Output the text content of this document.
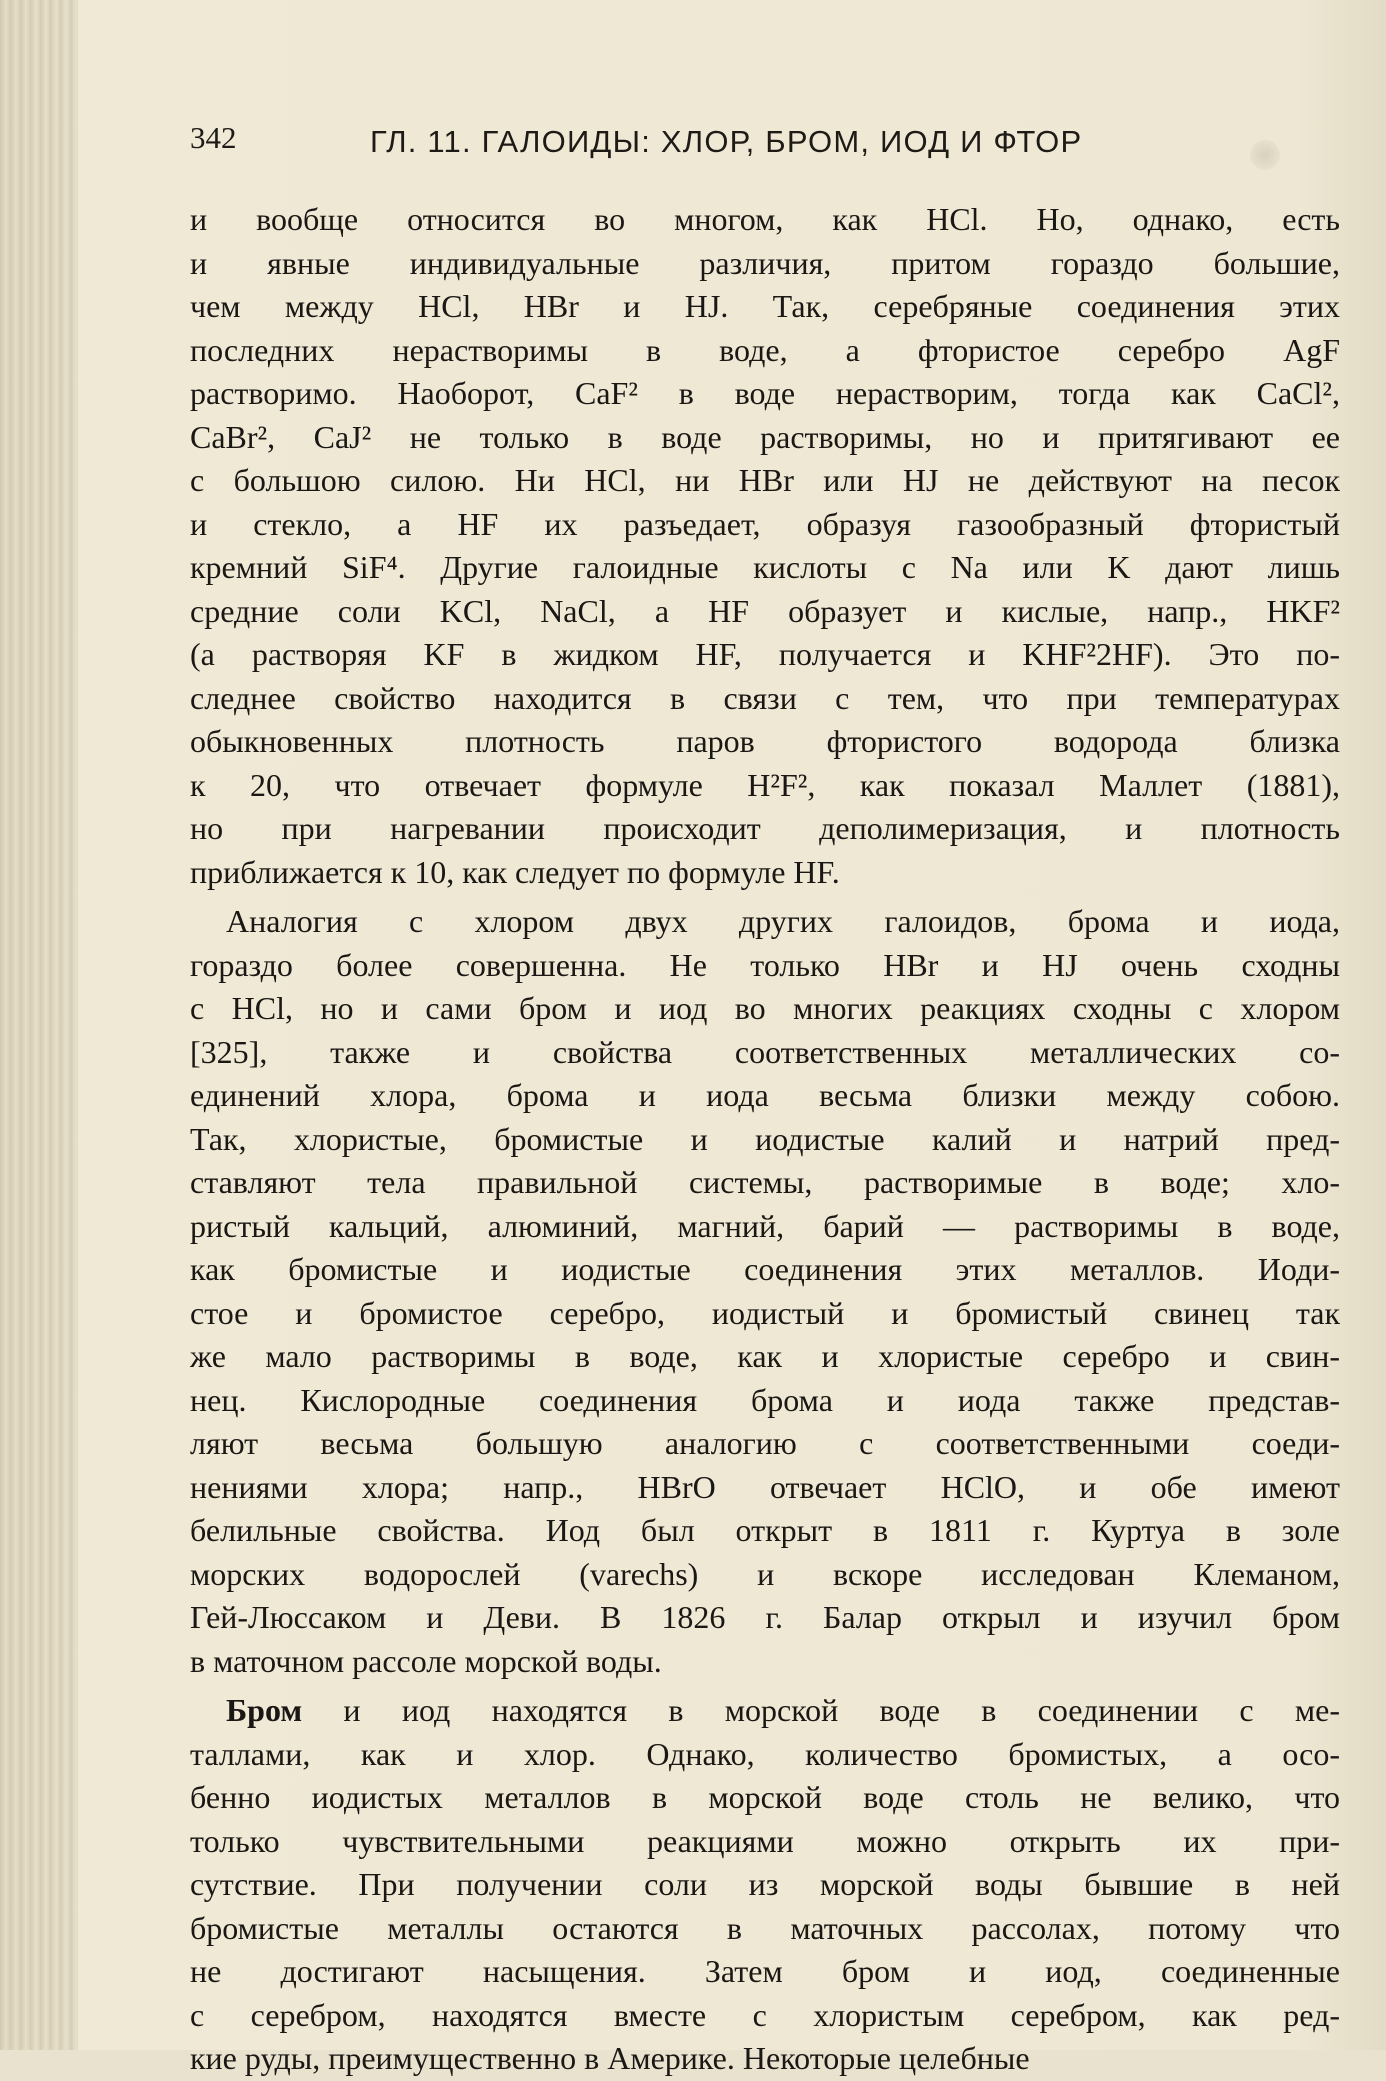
342	ГЛ. 11. ГАЛОИДЫ: ХЛОР, БРОМ, ИОД И ФТОР
и вообще относится во многом, как HCl. Но, однако, есть
и явные индивидуальные различия, притом гораздо большие,
чем между HCl, HBr и HJ. Так, серебряные соединения этих
последних нерастворимы в воде, а фтористое серебро AgF
растворимо. Наоборот, CaF² в воде нерастворим, тогда как CaCl²,
CaBr², CaJ² не только в воде растворимы, но и притягивают ее
с большою силою. Ни HCl, ни HBr или HJ не действуют на песок
и стекло, а HF их разъедает, образуя газообразный фтористый
кремний SiF⁴. Другие галоидные кислоты с Na или K дают лишь
средние соли KCl, NaCl, а HF образует и кислые, напр., HKF²
(а растворяя KF в жидком HF, получается и KHF²2HF). Это по-
следнее свойство находится в связи с тем, что при температурах
обыкновенных плотность паров фтористого водорода близка
к 20, что отвечает формуле H²F², как показал Маллет (1881),
но при нагревании происходит деполимеризация, и плотность
приближается к 10, как следует по формуле HF.
Аналогия с хлором двух других галоидов, брома и иода,
гораздо более совершенна. Не только HBr и HJ очень сходны
с HCl, но и сами бром и иод во многих реакциях сходны с хлором
[325], также и свойства соответственных металлических со-
единений хлора, брома и иода весьма близки между собою.
Так, хлористые, бромистые и иодистые калий и натрий пред-
ставляют тела правильной системы, растворимые в воде; хло-
ристый кальций, алюминий, магний, барий — растворимы в воде,
как бромистые и иодистые соединения этих металлов. Иоди-
стое и бромистое серебро, иодистый и бромистый свинец так
же мало растворимы в воде, как и хлористые серебро и свин-
нец. Кислородные соединения брома и иода также представ-
ляют весьма большую аналогию с соответственными соеди-
нениями хлора; напр., HBrO отвечает HClO, и обе имеют
белильные свойства. Иод был открыт в 1811 г. Куртуа в золе
морских водорослей (varechs) и вскоре исследован Клеманом,
Гей-Люссаком и Деви. В 1826 г. Балар открыл и изучил бром
в маточном рассоле морской воды.
Бром и иод находятся в морской воде в соединении с ме-
таллами, как и хлор. Однако, количество бромистых, а осо-
бенно иодистых металлов в морской воде столь не велико, что
только чувствительными реакциями можно открыть их при-
сутствие. При получении соли из морской воды бывшие в ней
бромистые металлы остаются в маточных рассолах, потому что
не достигают насыщения. Затем бром и иод, соединенные
с серебром, находятся вместе с хлористым серебром, как ред-
кие руды, преимущественно в Америке. Некоторые целебные
